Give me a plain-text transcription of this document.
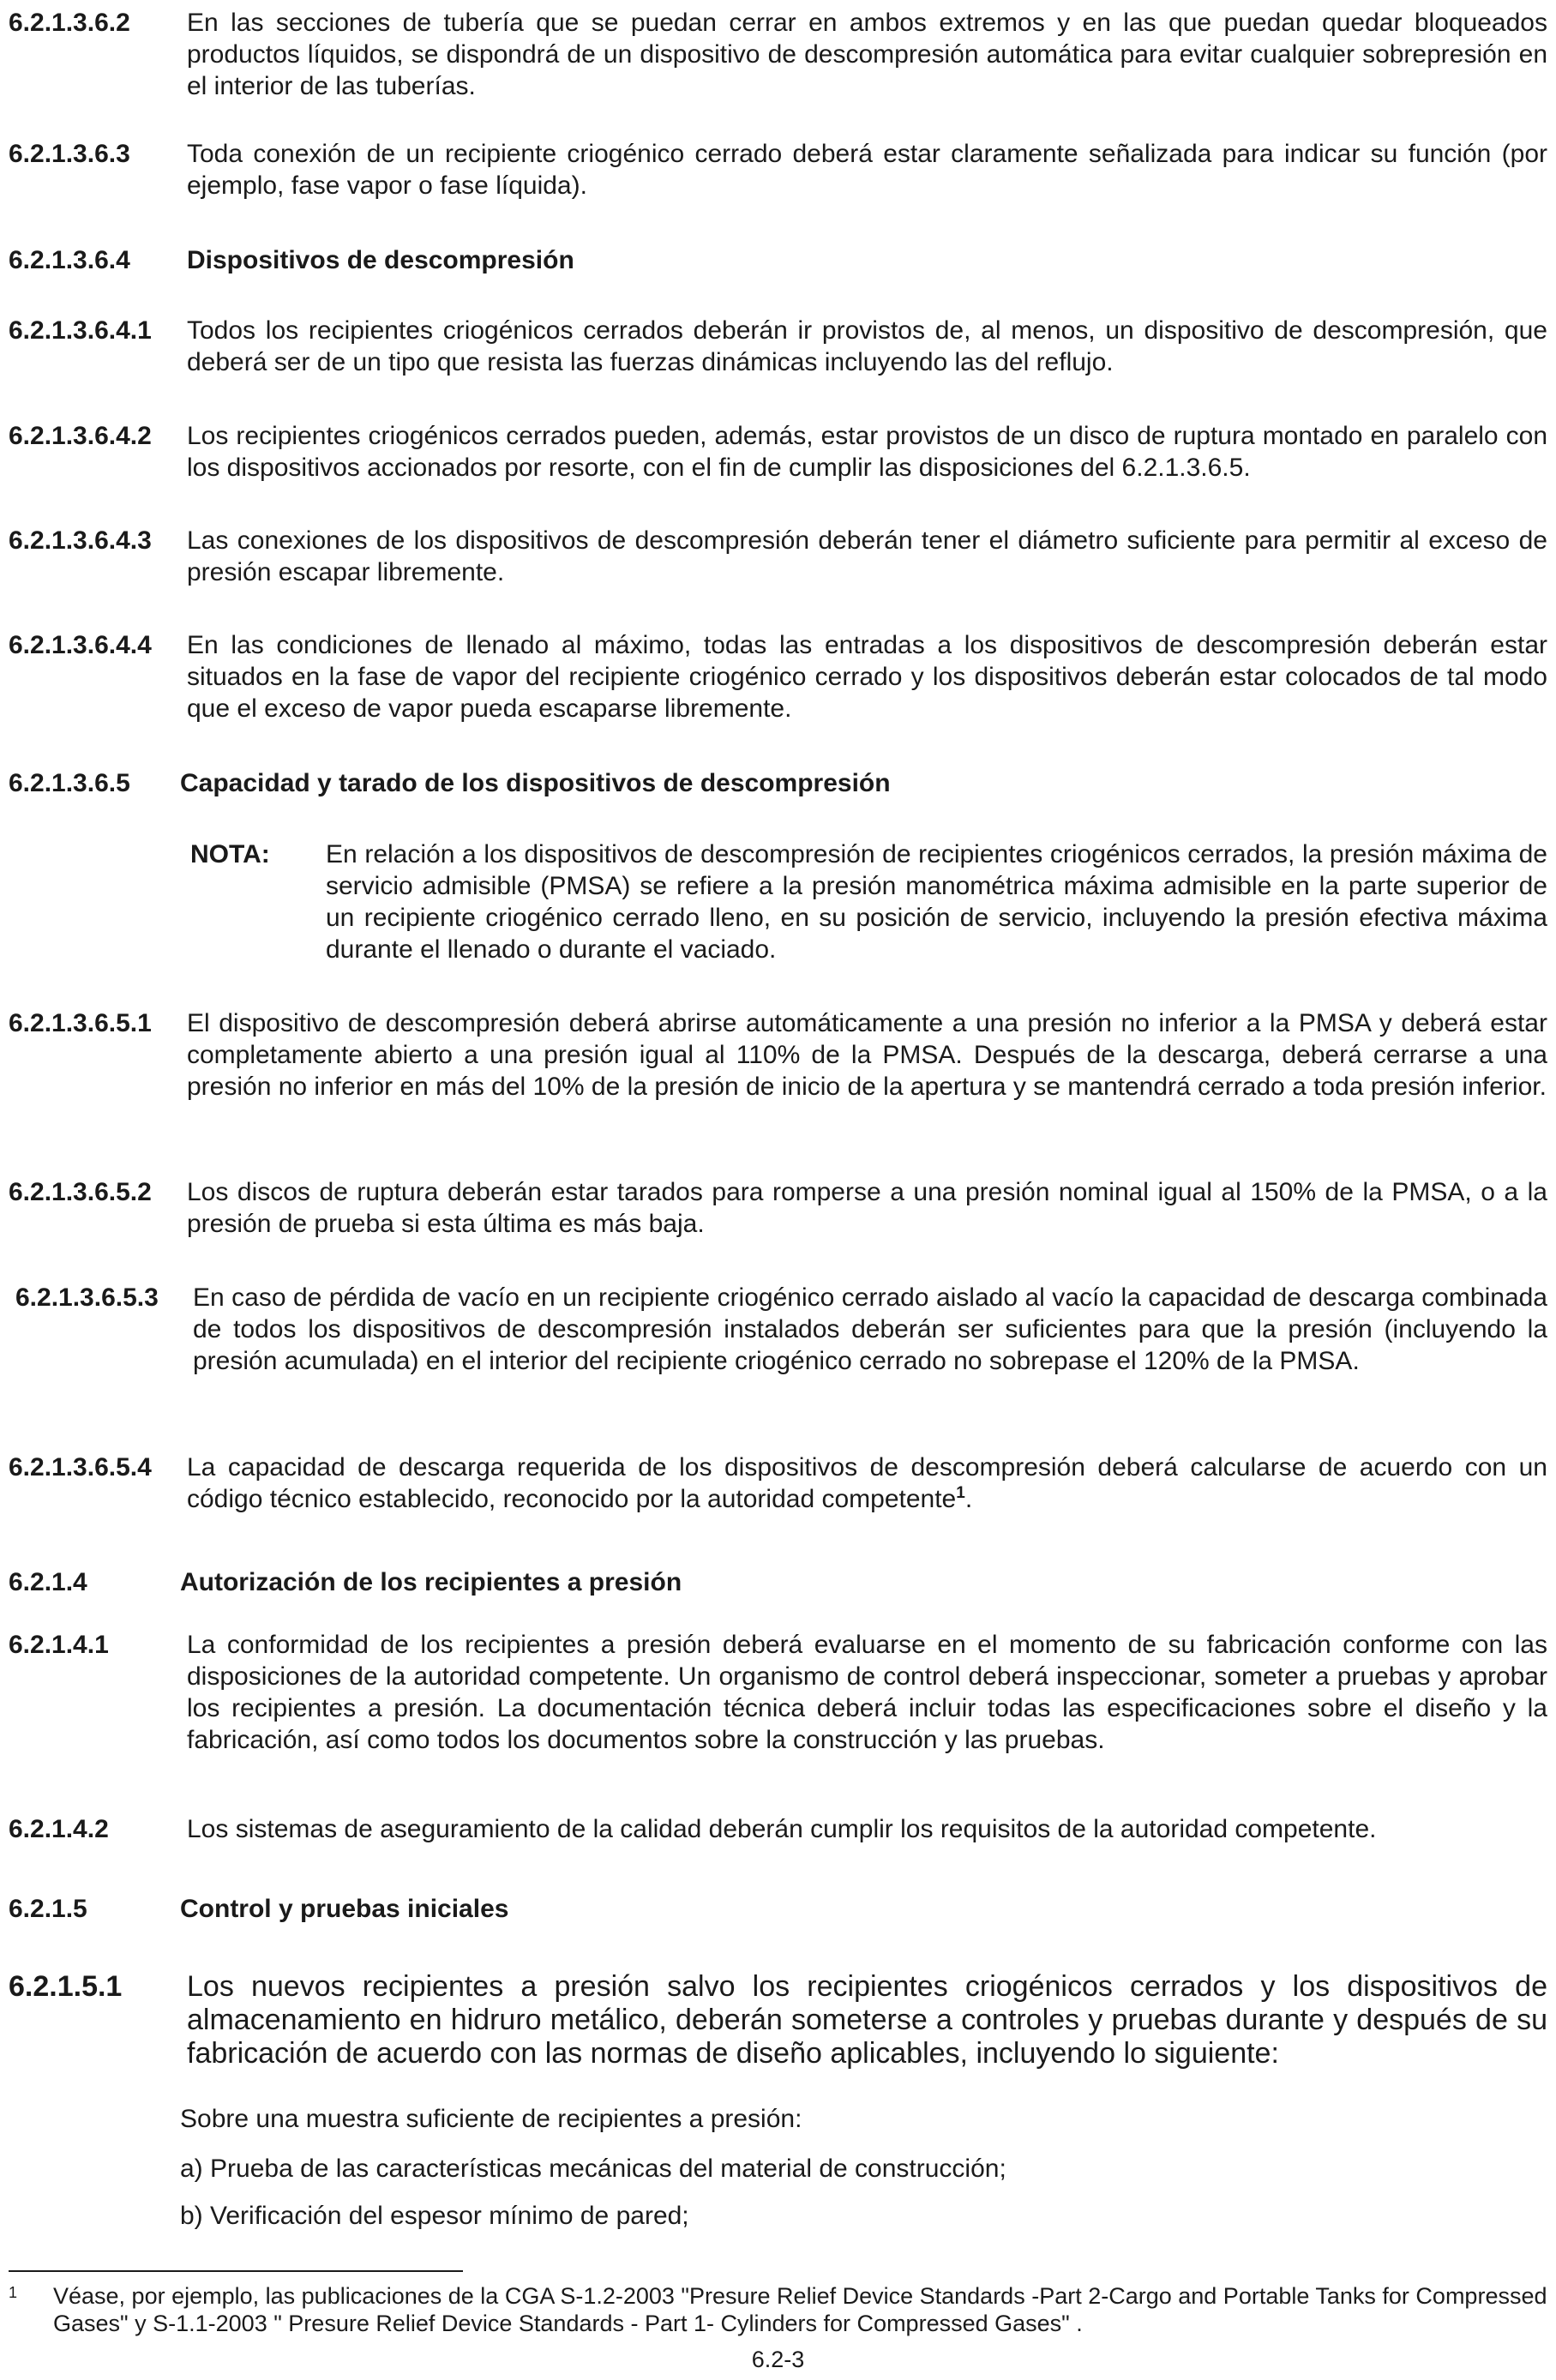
6.2.1.3.6.2 En las secciones de tubería que se puedan cerrar en ambos extremos y en las que puedan quedar bloqueados productos líquidos, se dispondrá de un dispositivo de descompresión automática para evitar cualquier sobrepresión en el interior de las tuberías.
6.2.1.3.6.3 Toda conexión de un recipiente criogénico cerrado deberá estar claramente señalizada para indicar su función (por ejemplo, fase vapor o fase líquida).
6.2.1.3.6.4 Dispositivos de descompresión
6.2.1.3.6.4.1 Todos los recipientes criogénicos cerrados deberán ir provistos de, al menos, un dispositivo de descompresión, que deberá ser de un tipo que resista las fuerzas dinámicas incluyendo las del reflujo.
6.2.1.3.6.4.2 Los recipientes criogénicos cerrados pueden, además, estar provistos de un disco de ruptura montado en paralelo con los dispositivos accionados por resorte, con el fin de cumplir las disposiciones del 6.2.1.3.6.5.
6.2.1.3.6.4.3 Las conexiones de los dispositivos de descompresión deberán tener el diámetro suficiente para permitir al exceso de presión escapar libremente.
6.2.1.3.6.4.4 En las condiciones de llenado al máximo, todas las entradas a los dispositivos de descompresión deberán estar situados en la fase de vapor del recipiente criogénico cerrado y los dispositivos deberán estar colocados de tal modo que el exceso de vapor pueda escaparse libremente.
6.2.1.3.6.5 Capacidad y tarado de los dispositivos de descompresión
NOTA: En relación a los dispositivos de descompresión de recipientes criogénicos cerrados, la presión máxima de servicio admisible (PMSA) se refiere a la presión manométrica máxima admisible en la parte superior de un recipiente criogénico cerrado lleno, en su posición de servicio, incluyendo la presión efectiva máxima durante el llenado o durante el vaciado.
6.2.1.3.6.5.1 El dispositivo de descompresión deberá abrirse automáticamente a una presión no inferior a la PMSA y deberá estar completamente abierto a una presión igual al 110% de la PMSA. Después de la descarga, deberá cerrarse a una presión no inferior en más del 10% de la presión de inicio de la apertura y se mantendrá cerrado a toda presión inferior.
6.2.1.3.6.5.2 Los discos de ruptura deberán estar tarados para romperse a una presión nominal igual al 150% de la PMSA, o a la presión de prueba si esta última es más baja.
6.2.1.3.6.5.3 En caso de pérdida de vacío en un recipiente criogénico cerrado aislado al vacío la capacidad de descarga combinada de todos los dispositivos de descompresión instalados deberán ser suficientes para que la presión (incluyendo la presión acumulada) en el interior del recipiente criogénico cerrado no sobrepase el 120% de la PMSA.
6.2.1.3.6.5.4 La capacidad de descarga requerida de los dispositivos de descompresión deberá calcularse de acuerdo con un código técnico establecido, reconocido por la autoridad competente$^1$.
6.2.1.4	Autorización de los recipientes a presión
6.2.1.4.1	La conformidad de los recipientes a presión deberá evaluarse en el momento de su fabricación conforme con las disposiciones de la autoridad competente. Un organismo de control deberá inspeccionar, someter a pruebas y aprobar los recipientes a presión. La documentación técnica deberá incluir todas las especificaciones sobre el diseño y la fabricación, así como todos los documentos sobre la construcción y las pruebas.
6.2.1.4.2	Los sistemas de aseguramiento de la calidad deberán cumplir los requisitos de la autoridad competente.
6.2.1.5	Control y pruebas iniciales
6.2.1.5.1 Los nuevos recipientes a presión salvo los recipientes criogénicos cerrados y los dispositivos de almacenamiento en hidruro metálico, deberán someterse a controles y pruebas durante y después de su fabricación de acuerdo con las normas de diseño aplicables, incluyendo lo siguiente:
Sobre una muestra suficiente de recipientes a presión:
a) Prueba de las características mecánicas del material de construcción;
b) Verificación del espesor mínimo de pared;
1 Véase, por ejemplo, las publicaciones de la CGA S-1.2-2003 "Presure Relief Device Standards -Part 2-Cargo and Portable Tanks for Compressed Gases" y S-1.1-2003 " Presure Relief Device Standards - Part 1- Cylinders for Compressed Gases" .
6.2-3
